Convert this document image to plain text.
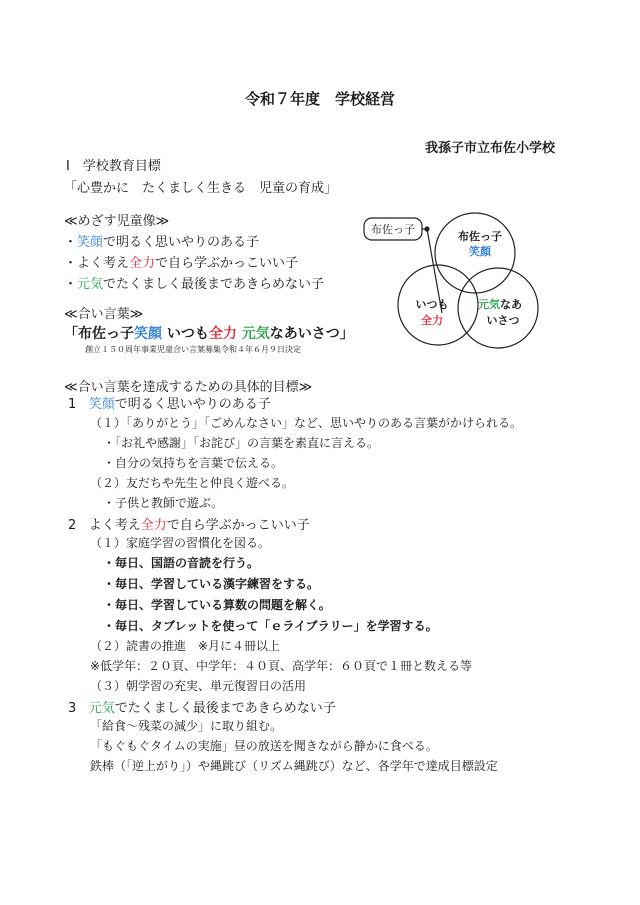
令和７年度　学校経営
我孫子市立布佐小学校
Ⅰ　学校教育目標
「心豊かに　たくましく生きる　児童の育成」
≪めざす児童像≫
・笑顔で明るく思いやりのある子
・よく考え全力で自ら学ぶかっこいい子
・元気でたくましく最後まであきらめない子
≪合い言葉≫
「布佐っ子笑顔 いつも全力 元気なあいさつ」
創立１５０周年事業児童合い言葉募集令和４年６月９日決定
布佐っ子
布佐っ子
笑顔
いつも
全力
元気なあ
いさつ
≪合い言葉を達成するための具体的目標≫
1 笑顔で明るく思いやりのある子
（１）「ありがとう」「ごめんなさい」など、思いやりのある言葉がかけられる。
・「お礼や感謝」「お詫び」の言葉を素直に言える。
・自分の気持ちを言葉で伝える。
（２）友だちや先生と仲良く遊べる。
・子供と教師で遊ぶ。
2 よく考え全力で自ら学ぶかっこいい子
（１）家庭学習の習慣化を図る。
・毎日、国語の音読を行う。
・毎日、学習している漢字練習をする。
・毎日、学習している算数の問題を解く。
・毎日、タブレットを使って「ｅライブラリー」を学習する。
（２）読書の推進　※月に４冊以上
※低学年：２０頁、中学年：４０頁、高学年：６０頁で１冊と数える等
（３）朝学習の充実、単元復習日の活用
3 元気でたくましく最後まであきらめない子
「給食～残菜の減少」に取り組む。
「もぐもぐタイムの実施」昼の放送を聞きながら静かに食べる。
鉄棒（「逆上がり」）や縄跳び（リズム縄跳び）など、各学年で達成目標設定
